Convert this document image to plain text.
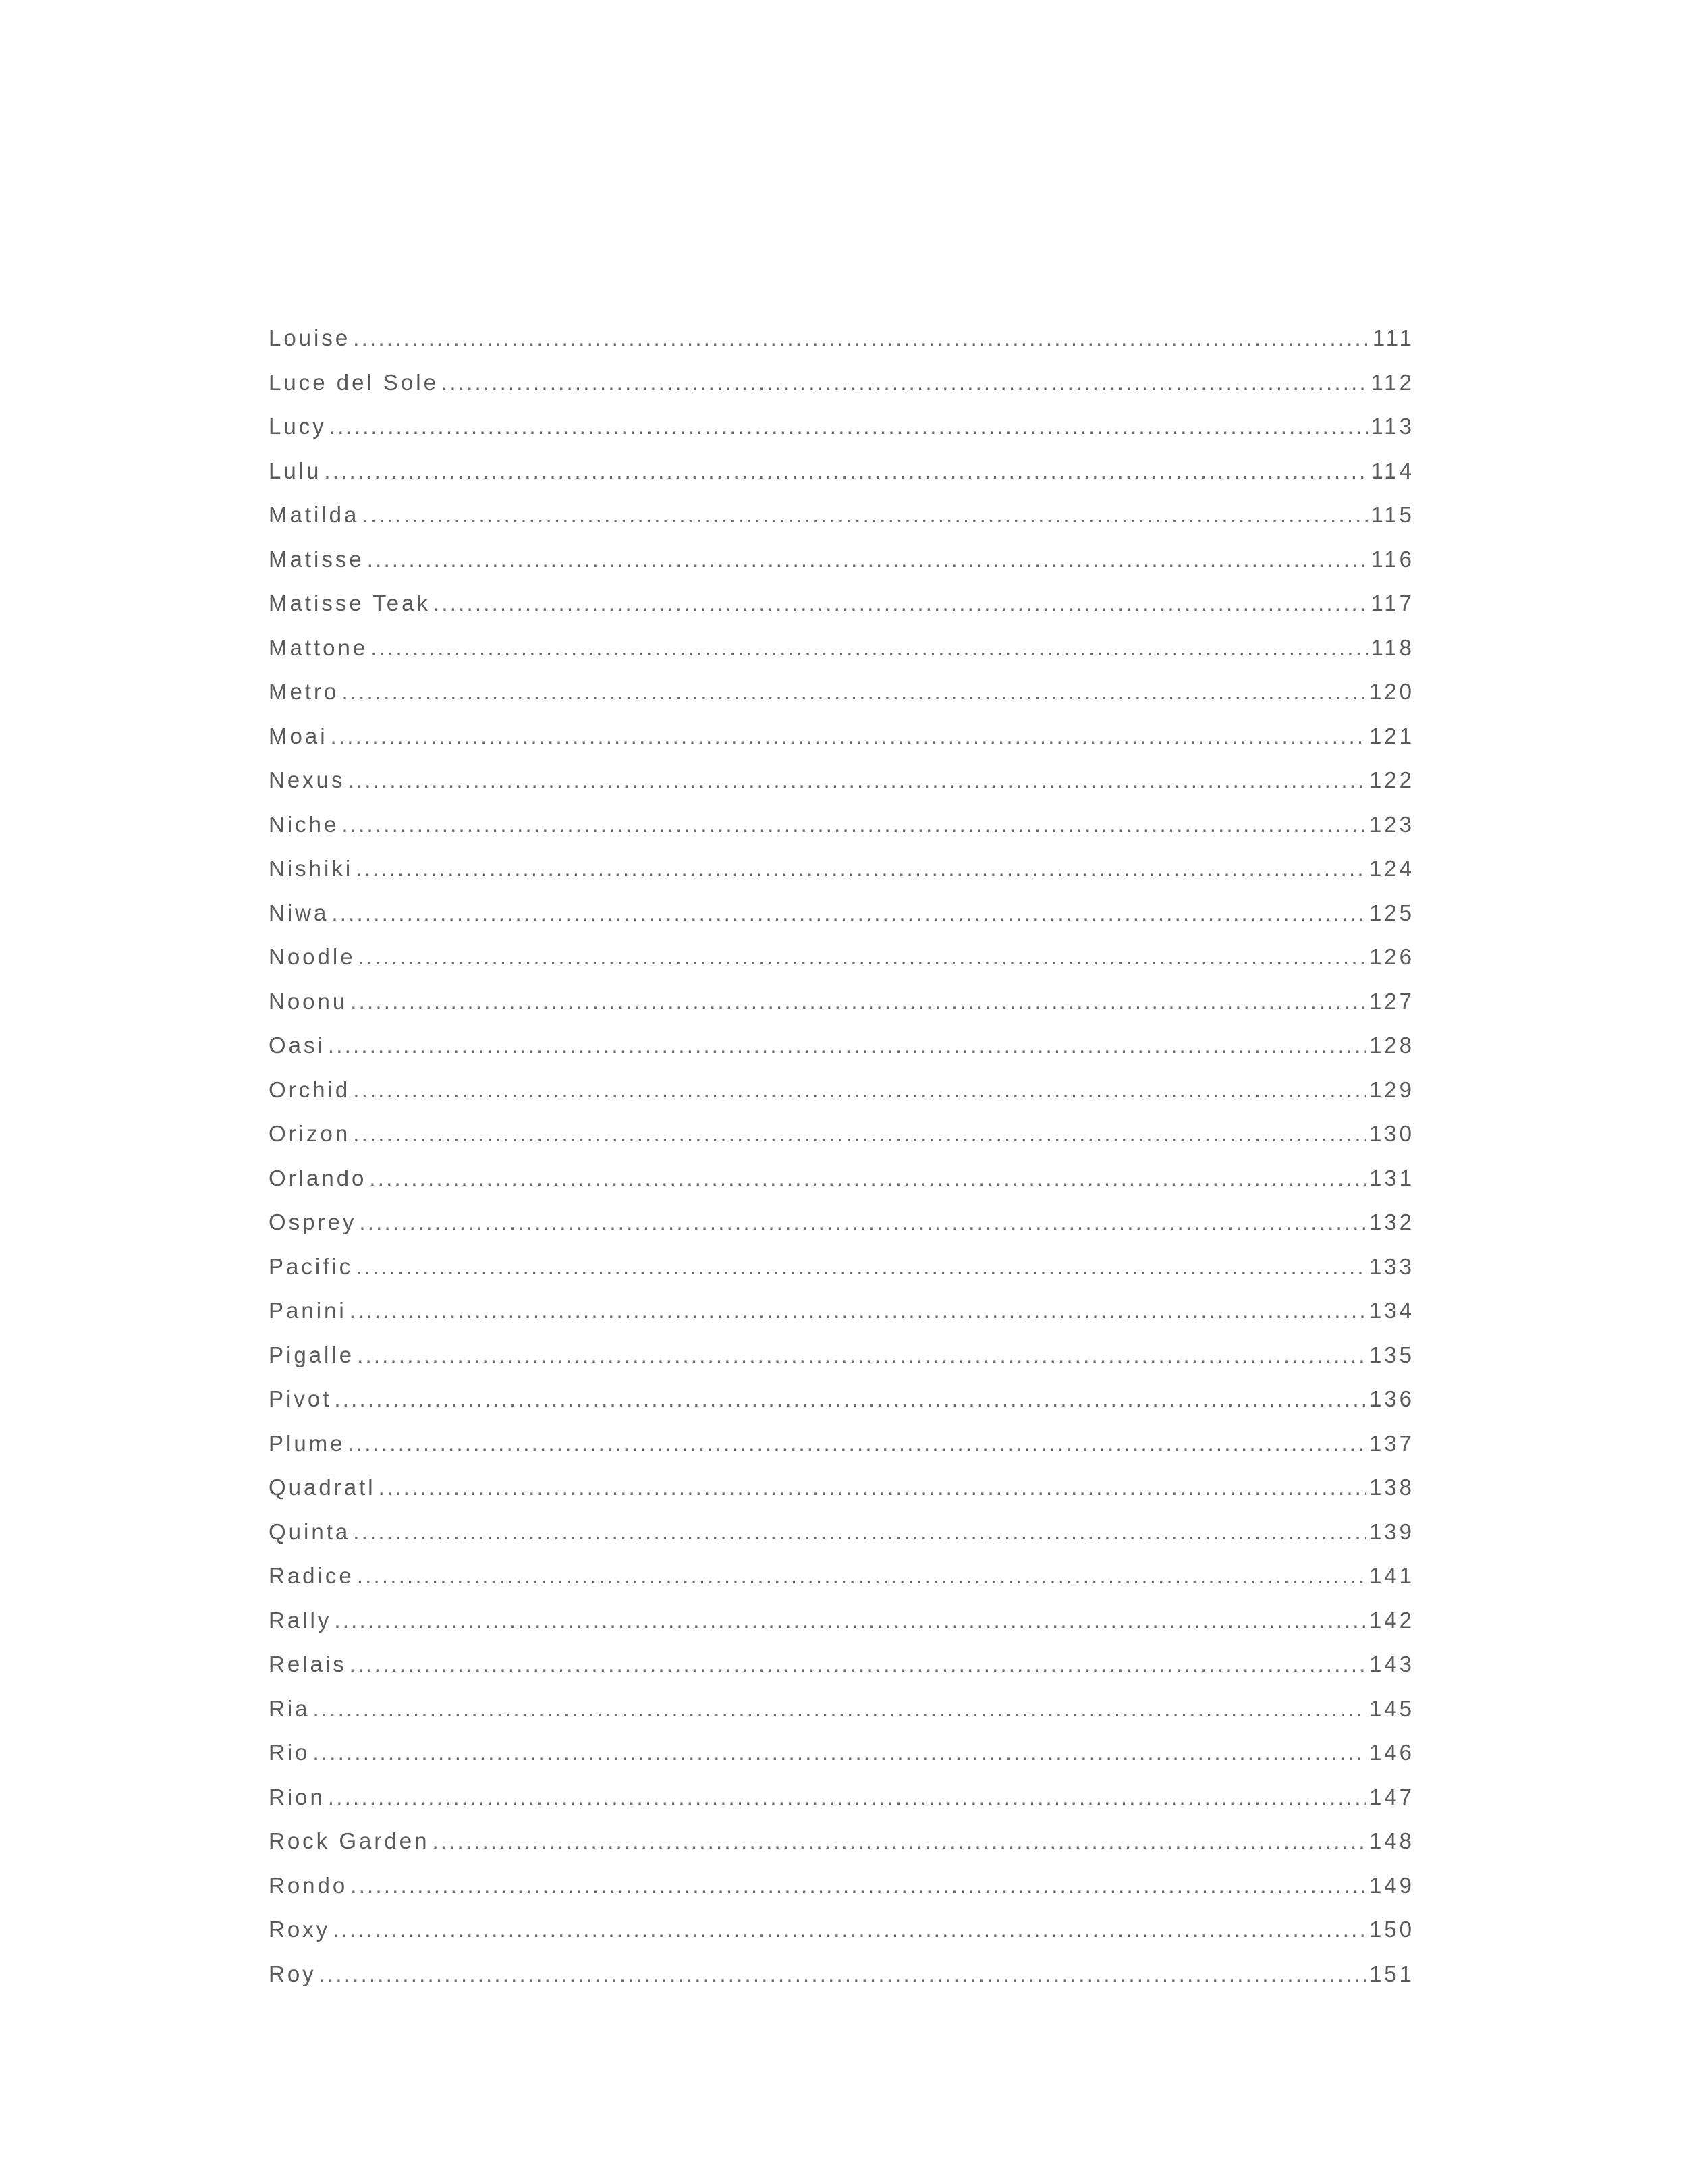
Louise .....	111
Luce del Sole .....	112
Lucy .....	113
Lulu .....	114
Matilda .....	115
Matisse .....	116
Matisse Teak .....	117
Mattone .....	118
Metro .....	120
Moai .....	121
Nexus .....	122
Niche .....	123
Nishiki .....	124
Niwa .....	125
Noodle .....	126
Noonu .....	127
Oasi .....	128
Orchid .....	129
Orizon .....	130
Orlando .....	131
Osprey .....	132
Pacific .....	133
Panini .....	134
Pigalle .....	135
Pivot .....	136
Plume .....	137
Quadratl .....	138
Quinta .....	139
Radice .....	141
Rally .....	142
Relais .....	143
Ria .....	145
Rio .....	146
Rion .....	147
Rock Garden .....	148
Rondo .....	149
Roxy .....	150
Roy .....	151
